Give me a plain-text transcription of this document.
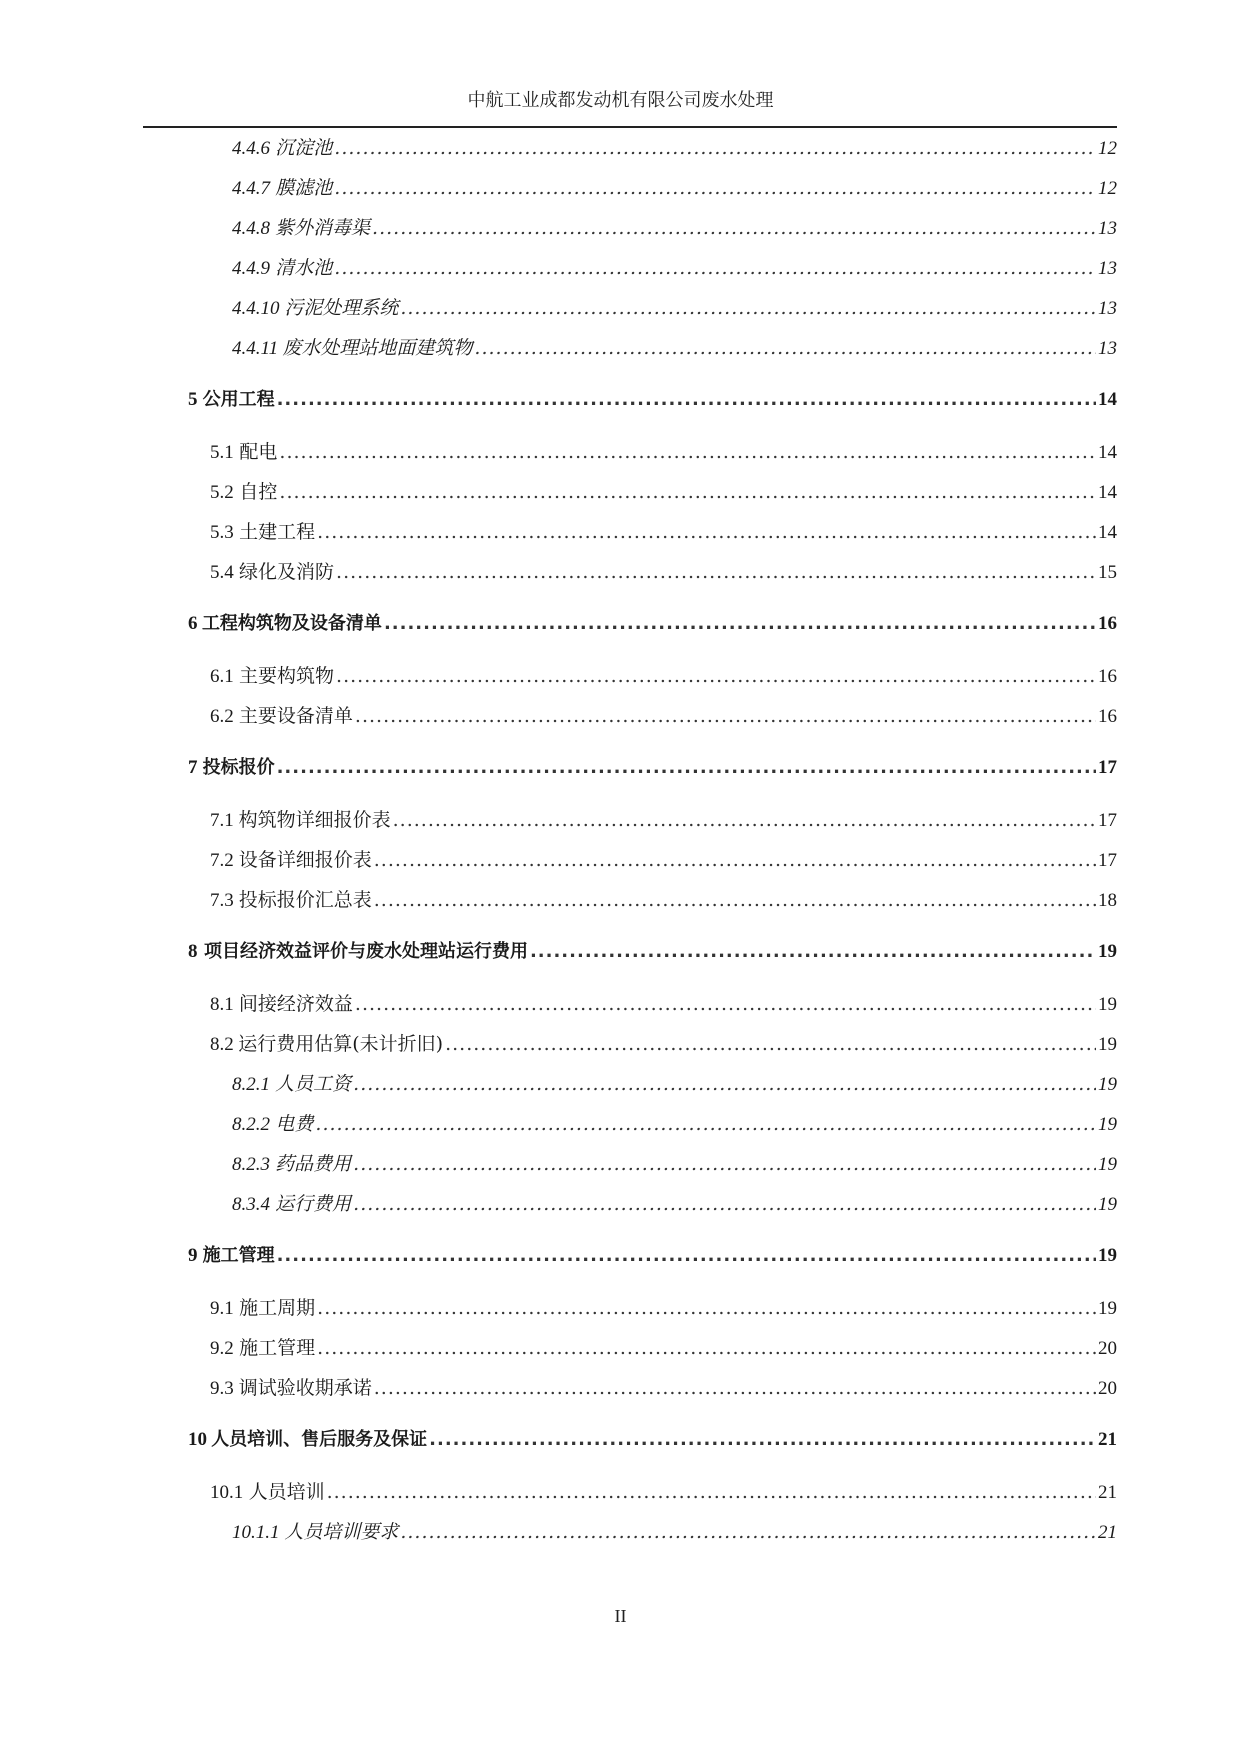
中航工业成都发动机有限公司废水处理
4.4.6 沉淀池 .....	12
4.4.7 膜滤池 .....	12
4.4.8 紫外消毒渠 .....	13
4.4.9 清水池 .....	13
4.4.10 污泥处理系统 .....	13
4.4.11 废水处理站地面建筑物 .....	13
5 公用工程 .....	14
5.1 配电 .....	14
5.2 自控 .....	14
5.3 土建工程 .....	14
5.4 绿化及消防 .....	15
6 工程构筑物及设备清单 .....	16
6.1 主要构筑物 .....	16
6.2 主要设备清单 .....	16
7 投标报价 .....	17
7.1 构筑物详细报价表 .....	17
7.2 设备详细报价表 .....	17
7.3 投标报价汇总表 .....	18
8 项目经济效益评价与废水处理站运行费用 .....	19
8.1 间接经济效益 .....	19
8.2 运行费用估算(未计折旧) .....	19
8.2.1 人员工资 .....	19
8.2.2 电费 .....	19
8.2.3 药品费用 .....	19
8.3.4 运行费用 .....	19
9 施工管理 .....	19
9.1 施工周期 .....	19
9.2 施工管理 .....	20
9.3 调试验收期承诺 .....	20
10 人员培训、售后服务及保证 .....	21
10.1 人员培训 .....	21
10.1.1 人员培训要求 .....	21
II
